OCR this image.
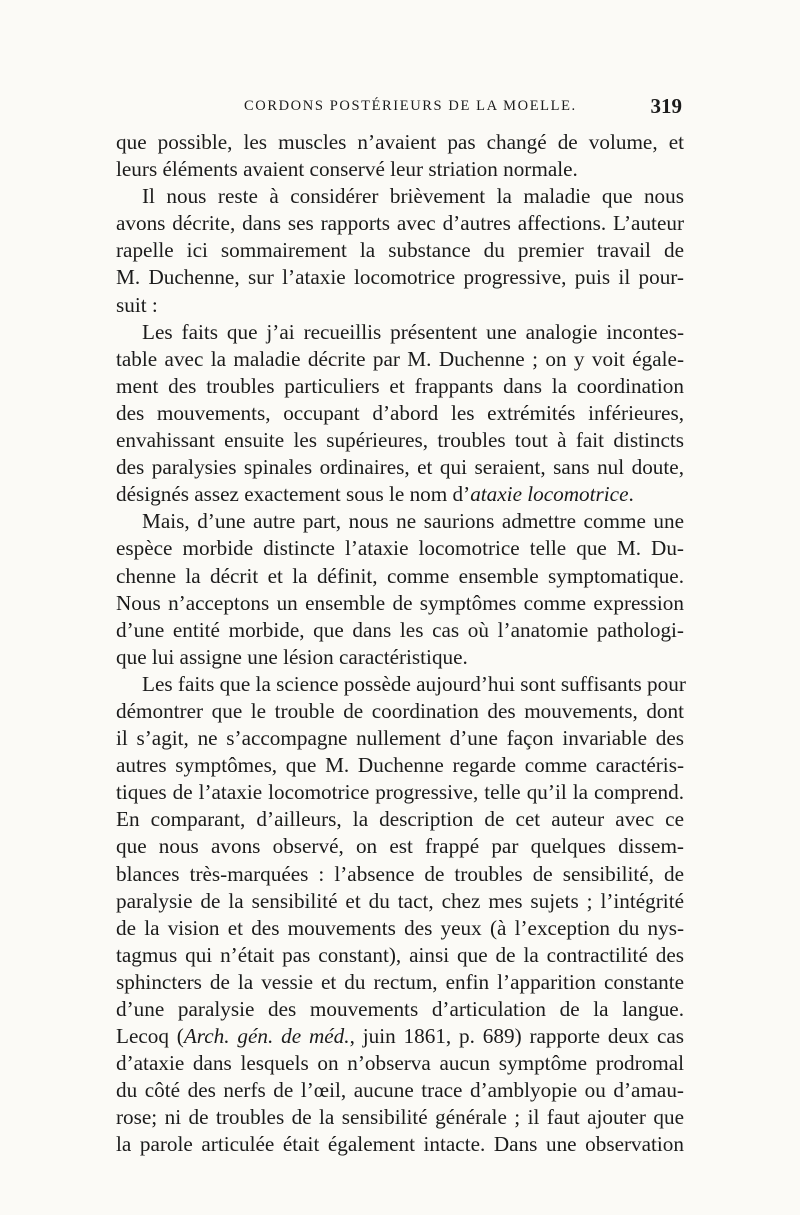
CORDONS POSTÉRIEURS DE LA MOELLE.	319
que possible, les muscles n’avaient pas changé de volume, et
leurs éléments avaient conservé leur striation normale.
Il nous reste à considérer brièvement la maladie que nous
avons décrite, dans ses rapports avec d’autres affections. L’auteur
rapelle ici sommairement la substance du premier travail de
M. Duchenne, sur l’ataxie locomotrice progressive, puis il pour-
suit :
Les faits que j’ai recueillis présentent une analogie incontes-
table avec la maladie décrite par M. Duchenne ; on y voit égale-
ment des troubles particuliers et frappants dans la coordination
des mouvements, occupant d’abord les extrémités inférieures,
envahissant ensuite les supérieures, troubles tout à fait distincts
des paralysies spinales ordinaires, et qui seraient, sans nul doute,
désignés assez exactement sous le nom d’ataxie locomotrice.
Mais, d’une autre part, nous ne saurions admettre comme une
espèce morbide distincte l’ataxie locomotrice telle que M. Du-
chenne la décrit et la définit, comme ensemble symptomatique.
Nous n’acceptons un ensemble de symptômes comme expression
d’une entité morbide, que dans les cas où l’anatomie pathologi-
que lui assigne une lésion caractéristique.
Les faits que la science possède aujourd’hui sont suffisants pour
démontrer que le trouble de coordination des mouvements, dont
il s’agit, ne s’accompagne nullement d’une façon invariable des
autres symptômes, que M. Duchenne regarde comme caractéris-
tiques de l’ataxie locomotrice progressive, telle qu’il la comprend.
En comparant, d’ailleurs, la description de cet auteur avec ce
que nous avons observé, on est frappé par quelques dissem-
blances très-marquées : l’absence de troubles de sensibilité, de
paralysie de la sensibilité et du tact, chez mes sujets ; l’intégrité
de la vision et des mouvements des yeux (à l’exception du nys-
tagmus qui n’était pas constant), ainsi que de la contractilité des
sphincters de la vessie et du rectum, enfin l’apparition constante
d’une paralysie des mouvements d’articulation de la langue.
Lecoq (Arch. gén. de méd., juin 1861, p. 689) rapporte deux cas
d’ataxie dans lesquels on n’observa aucun symptôme prodromal
du côté des nerfs de l’œil, aucune trace d’amblyopie ou d’amau-
rose; ni de troubles de la sensibilité générale ; il faut ajouter que
la parole articulée était également intacte. Dans une observation
